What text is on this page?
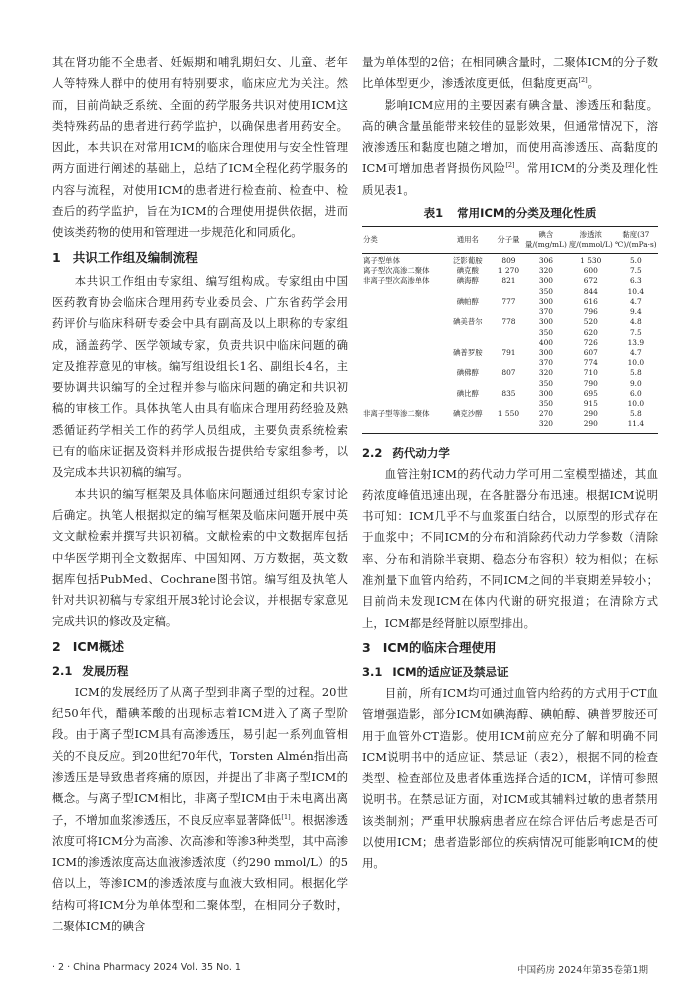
其在肾功能不全患者、妊娠期和哺乳期妇女、儿童、老年人等特殊人群中的使用有特别要求，临床应尤为关注。然而，目前尚缺乏系统、全面的药学服务共识对使用ICM这类特殊药品的患者进行药学监护，以确保患者用药安全。因此，本共识在对常用ICM的临床合理使用与安全性管理两方面进行阐述的基础上，总结了ICM全程化药学服务的内容与流程，对使用ICM的患者进行检查前、检查中、检查后的药学监护，旨在为ICM的合理使用提供依据，进而使该类药物的使用和管理进一步规范化和同质化。

1 共识工作组及编制流程

本共识工作组由专家组、编写组构成。专家组由中国医药教育协会临床合理用药专业委员会、广东省药学会用药评价与临床科研专委会中具有副高及以上职称的专家组成，涵盖药学、医学领域专家，负责共识中临床问题的确定及推荐意见的审核。编写组设组长1名、副组长4名，主要协调共识编写的全过程并参与临床问题的确定和共识初稿的审核工作。具体执笔人由具有临床合理用药经验及熟悉循证药学相关工作的药学人员组成，主要负责系统检索已有的临床证据及资料并形成报告提供给专家组参考，以及完成本共识初稿的编写。

本共识的编写框架及具体临床问题通过组织专家讨论后确定。执笔人根据拟定的编写框架及临床问题开展中英文文献检索并撰写共识初稿。文献检索的中文数据库包括中华医学期刊全文数据库、中国知网、万方数据，英文数据库包括PubMed、Cochrane图书馆。编写组及执笔人针对共识初稿与专家组开展3轮讨论会议，并根据专家意见完成共识的修改及定稿。

2 ICM概述
2.1 发展历程

ICM的发展经历了从离子型到非离子型的过程。20世纪50年代，醋碘苯酸的出现标志着ICM进入了离子型阶段。由于离子型ICM具有高渗透压，易引起一系列血管相关的不良反应。到20世纪70年代，Torsten Almén指出高渗透压是导致患者疼痛的原因，并提出了非离子型ICM的概念。与离子型ICM相比，非离子型ICM由于未电离出离子，不增加血浆渗透压，不良反应率显著降低[1]。根据渗透浓度可将ICM分为高渗、次高渗和等渗3种类型，其中高渗ICM的渗透浓度高达血液渗透浓度（约290 mmol/L）的5倍以上，等渗ICM的渗透浓度与血液大致相同。根据化学结构可将ICM分为单体型和二聚体型，在相同分子数时，二聚体ICM的碘含

量为单体型的2倍；在相同碘含量时，二聚体ICM的分子数比单体型更少，渗透浓度更低，但黏度更高[2]。

影响ICM应用的主要因素有碘含量、渗透压和黏度。高的碘含量虽能带来较佳的显影效果，但通常情况下，溶液渗透压和黏度也随之增加，而使用高渗透压、高黏度的ICM可增加患者肾损伤风险[2]。常用ICM的分类及理化性质见表1。

表1 常用ICM的分类及理化性质
分类	通用名	分子量	碘含量/(mg/mL)	渗透浓度/(mmol/L)	黏度(37 ℃)/(mPa·s)
离子型单体	泛影葡胺	809	306	1 530	5.0
离子型次高渗二聚体	碘克酸	1 270	320	600	7.5
非离子型次高渗单体	碘海醇	821	300	672	6.3
			350	844	10.4
	碘帕醇	777	300	616	4.7
			370	796	9.4
	碘美普尔	778	300	520	4.8
			350	620	7.5
			400	726	13.9
	碘普罗胺	791	300	607	4.7
			370	774	10.0
	碘佛醇	807	320	710	5.8
			350	790	9.0
	碘比醇	835	300	695	6.0
			350	915	10.0
非离子型等渗二聚体	碘克沙醇	1 550	270	290	5.8
			320	290	11.4
2.2 药代动力学

血管注射ICM的药代动力学可用二室模型描述，其血药浓度峰值迅速出现，在各脏器分布迅速。根据ICM说明书可知：ICM几乎不与血浆蛋白结合，以原型的形式存在于血浆中；不同ICM的分布和消除药代动力学参数（清除率、分布和消除半衰期、稳态分布容积）较为相似；在标准剂量下血管内给药，不同ICM之间的半衰期差异较小；目前尚未发现ICM在体内代谢的研究报道；在清除方式上，ICM都是经肾脏以原型排出。

3 ICM的临床合理使用
3.1 ICM的适应证及禁忌证

目前，所有ICM均可通过血管内给药的方式用于CT血管增强造影，部分ICM如碘海醇、碘帕醇、碘普罗胺还可用于血管外CT造影。使用ICM前应充分了解和明确不同ICM说明书中的适应证、禁忌证（表2），根据不同的检查类型、检查部位及患者体重选择合适的ICM，详情可参照说明书。在禁忌证方面，对ICM或其辅料过敏的患者禁用该类制剂；严重甲状腺病患者应在综合评估后考虑是否可以使用ICM；患者造影部位的疾病情况可能影响ICM的使用。

· 2 · China Pharmacy 2024 Vol. 35 No. 1	中国药房 2024年第35卷第1期
